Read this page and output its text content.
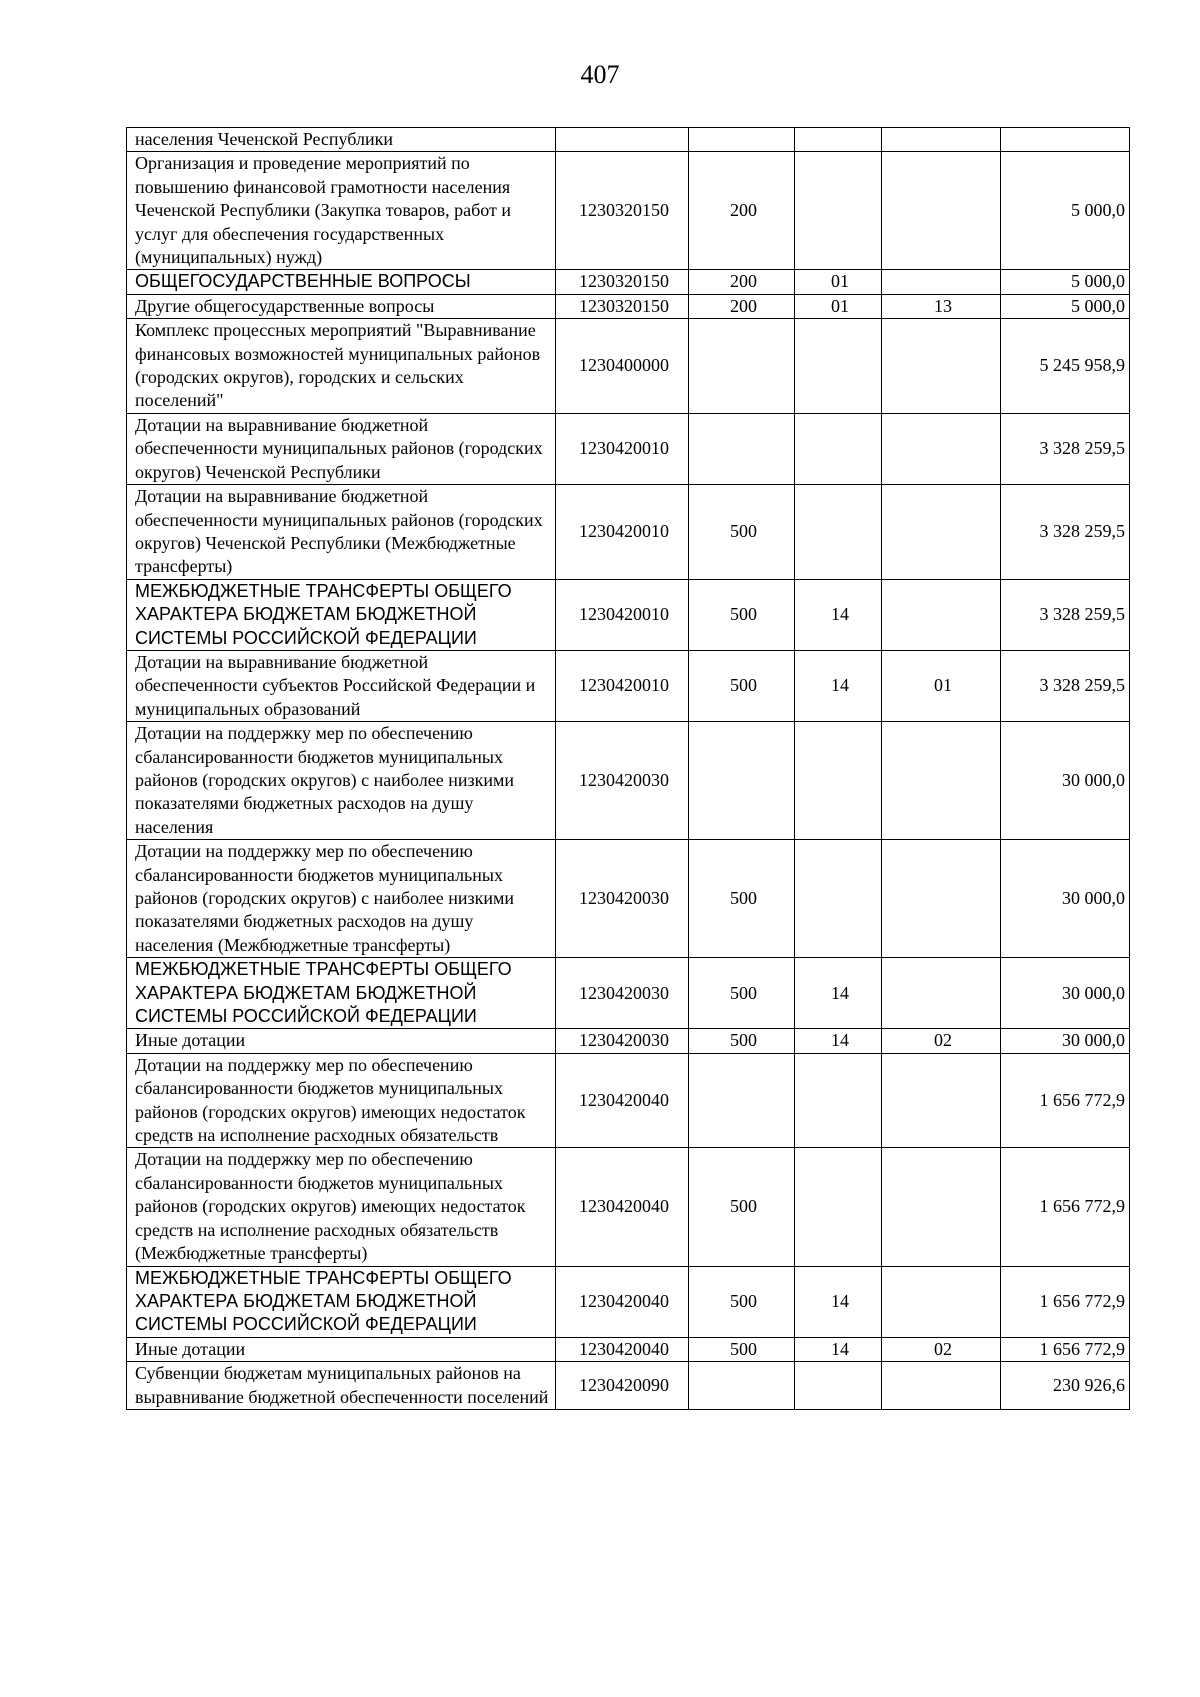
407
населения Чеченской Республики					
Организация и проведение мероприятий по повышению финансовой грамотности населения Чеченской Республики (Закупка товаров, работ и услуг для обеспечения государственных (муниципальных) нужд)	1230320150	200			5 000,0
ОБЩЕГОСУДАРСТВЕННЫЕ ВОПРОСЫ	1230320150	200	01		5 000,0
Другие общегосударственные вопросы	1230320150	200	01	13	5 000,0
Комплекс процессных мероприятий "Выравнивание финансовых возможностей муниципальных районов (городских округов), городских и сельских поселений"	1230400000				5 245 958,9
Дотации на выравнивание бюджетной обеспеченности муниципальных районов (городских округов) Чеченской Республики	1230420010				3 328 259,5
Дотации на выравнивание бюджетной обеспеченности муниципальных районов (городских округов) Чеченской Республики (Межбюджетные трансферты)	1230420010	500			3 328 259,5
МЕЖБЮДЖЕТНЫЕ ТРАНСФЕРТЫ ОБЩЕГО ХАРАКТЕРА БЮДЖЕТАМ БЮДЖЕТНОЙ СИСТЕМЫ РОССИЙСКОЙ ФЕДЕРАЦИИ	1230420010	500	14		3 328 259,5
Дотации на выравнивание бюджетной обеспеченности субъектов Российской Федерации и муниципальных образований	1230420010	500	14	01	3 328 259,5
Дотации на поддержку мер по обеспечению сбалансированности бюджетов муниципальных районов (городских округов) с наиболее низкими показателями бюджетных расходов на душу населения	1230420030				30 000,0
Дотации на поддержку мер по обеспечению сбалансированности бюджетов муниципальных районов (городских округов) с наиболее низкими показателями бюджетных расходов на душу населения (Межбюджетные трансферты)	1230420030	500			30 000,0
МЕЖБЮДЖЕТНЫЕ ТРАНСФЕРТЫ ОБЩЕГО ХАРАКТЕРА БЮДЖЕТАМ БЮДЖЕТНОЙ СИСТЕМЫ РОССИЙСКОЙ ФЕДЕРАЦИИ	1230420030	500	14		30 000,0
Иные дотации	1230420030	500	14	02	30 000,0
Дотации на поддержку мер по обеспечению сбалансированности бюджетов муниципальных районов (городских округов) имеющих недостаток средств на исполнение расходных обязательств	1230420040				1 656 772,9
Дотации на поддержку мер по обеспечению сбалансированности бюджетов муниципальных районов (городских округов) имеющих недостаток средств на исполнение расходных обязательств (Межбюджетные трансферты)	1230420040	500			1 656 772,9
МЕЖБЮДЖЕТНЫЕ ТРАНСФЕРТЫ ОБЩЕГО ХАРАКТЕРА БЮДЖЕТАМ БЮДЖЕТНОЙ СИСТЕМЫ РОССИЙСКОЙ ФЕДЕРАЦИИ	1230420040	500	14		1 656 772,9
Иные дотации	1230420040	500	14	02	1 656 772,9
Субвенции бюджетам муниципальных районов на выравнивание бюджетной обеспеченности поселений	1230420090				230 926,6
